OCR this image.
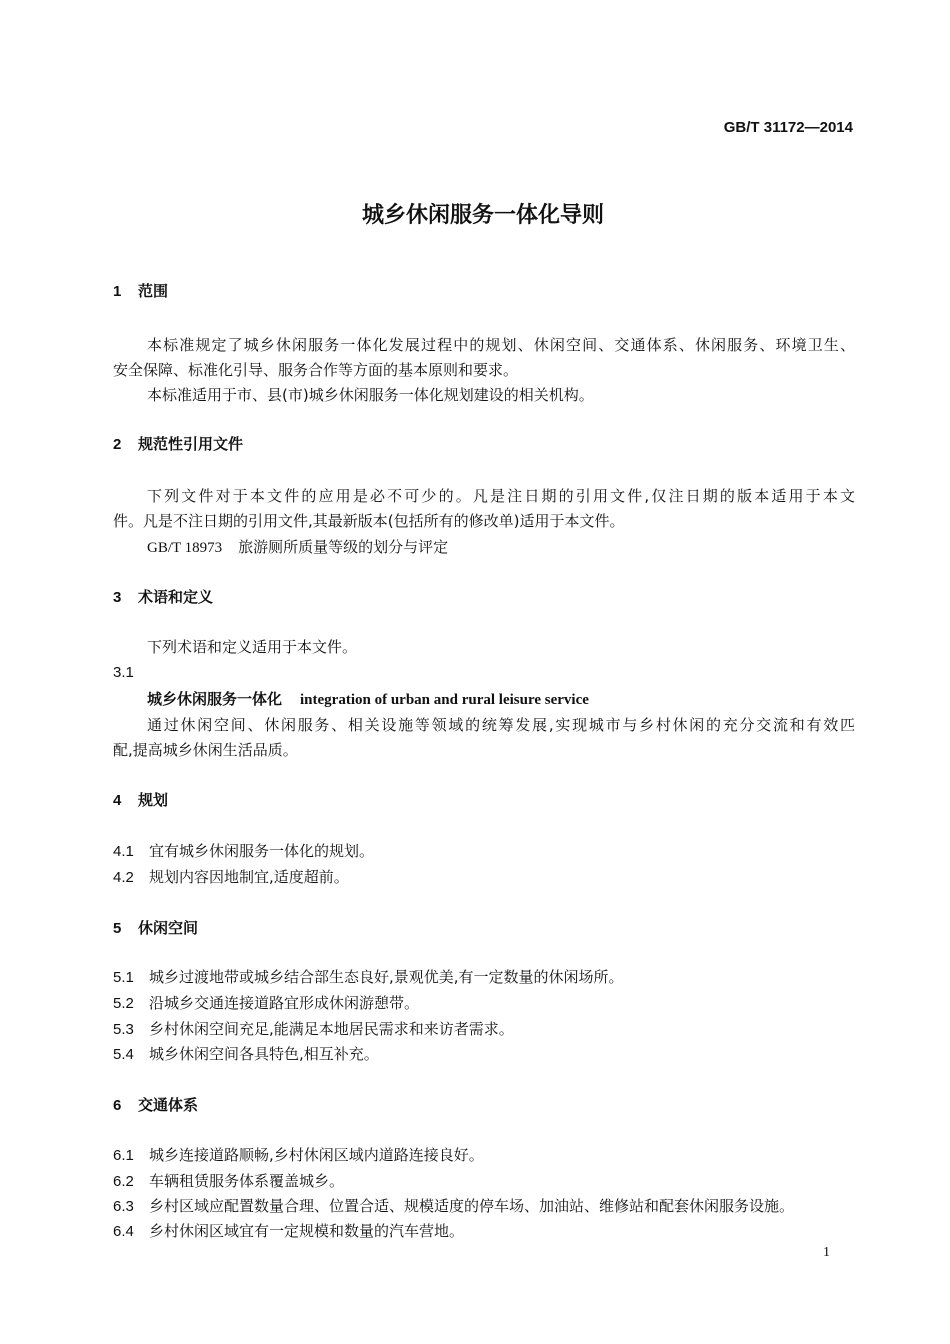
GB/T 31172—2014
城乡休闲服务一体化导则
1 范围
本标准规定了城乡休闲服务一体化发展过程中的规划、休闲空间、交通体系、休闲服务、环境卫生、
安全保障、标准化引导、服务合作等方面的基本原则和要求。
本标准适用于市、县(市)城乡休闲服务一体化规划建设的相关机构。
2 规范性引用文件
下列文件对于本文件的应用是必不可少的。凡是注日期的引用文件,仅注日期的版本适用于本文
件。凡是不注日期的引用文件,其最新版本(包括所有的修改单)适用于本文件。
GB/T 18973 旅游厕所质量等级的划分与评定
3 术语和定义
下列术语和定义适用于本文件。
3.1
城乡休闲服务一体化 integration of urban and rural leisure service
通过休闲空间、休闲服务、相关设施等领域的统筹发展,实现城市与乡村休闲的充分交流和有效匹
配,提高城乡休闲生活品质。
4 规划
4.1 宜有城乡休闲服务一体化的规划。
4.2 规划内容因地制宜,适度超前。
5 休闲空间
5.1 城乡过渡地带或城乡结合部生态良好,景观优美,有一定数量的休闲场所。
5.2 沿城乡交通连接道路宜形成休闲游憩带。
5.3 乡村休闲空间充足,能满足本地居民需求和来访者需求。
5.4 城乡休闲空间各具特色,相互补充。
6 交通体系
6.1 城乡连接道路顺畅,乡村休闲区域内道路连接良好。
6.2 车辆租赁服务体系覆盖城乡。
6.3 乡村区域应配置数量合理、位置合适、规模适度的停车场、加油站、维修站和配套休闲服务设施。
6.4 乡村休闲区域宜有一定规模和数量的汽车营地。
1
